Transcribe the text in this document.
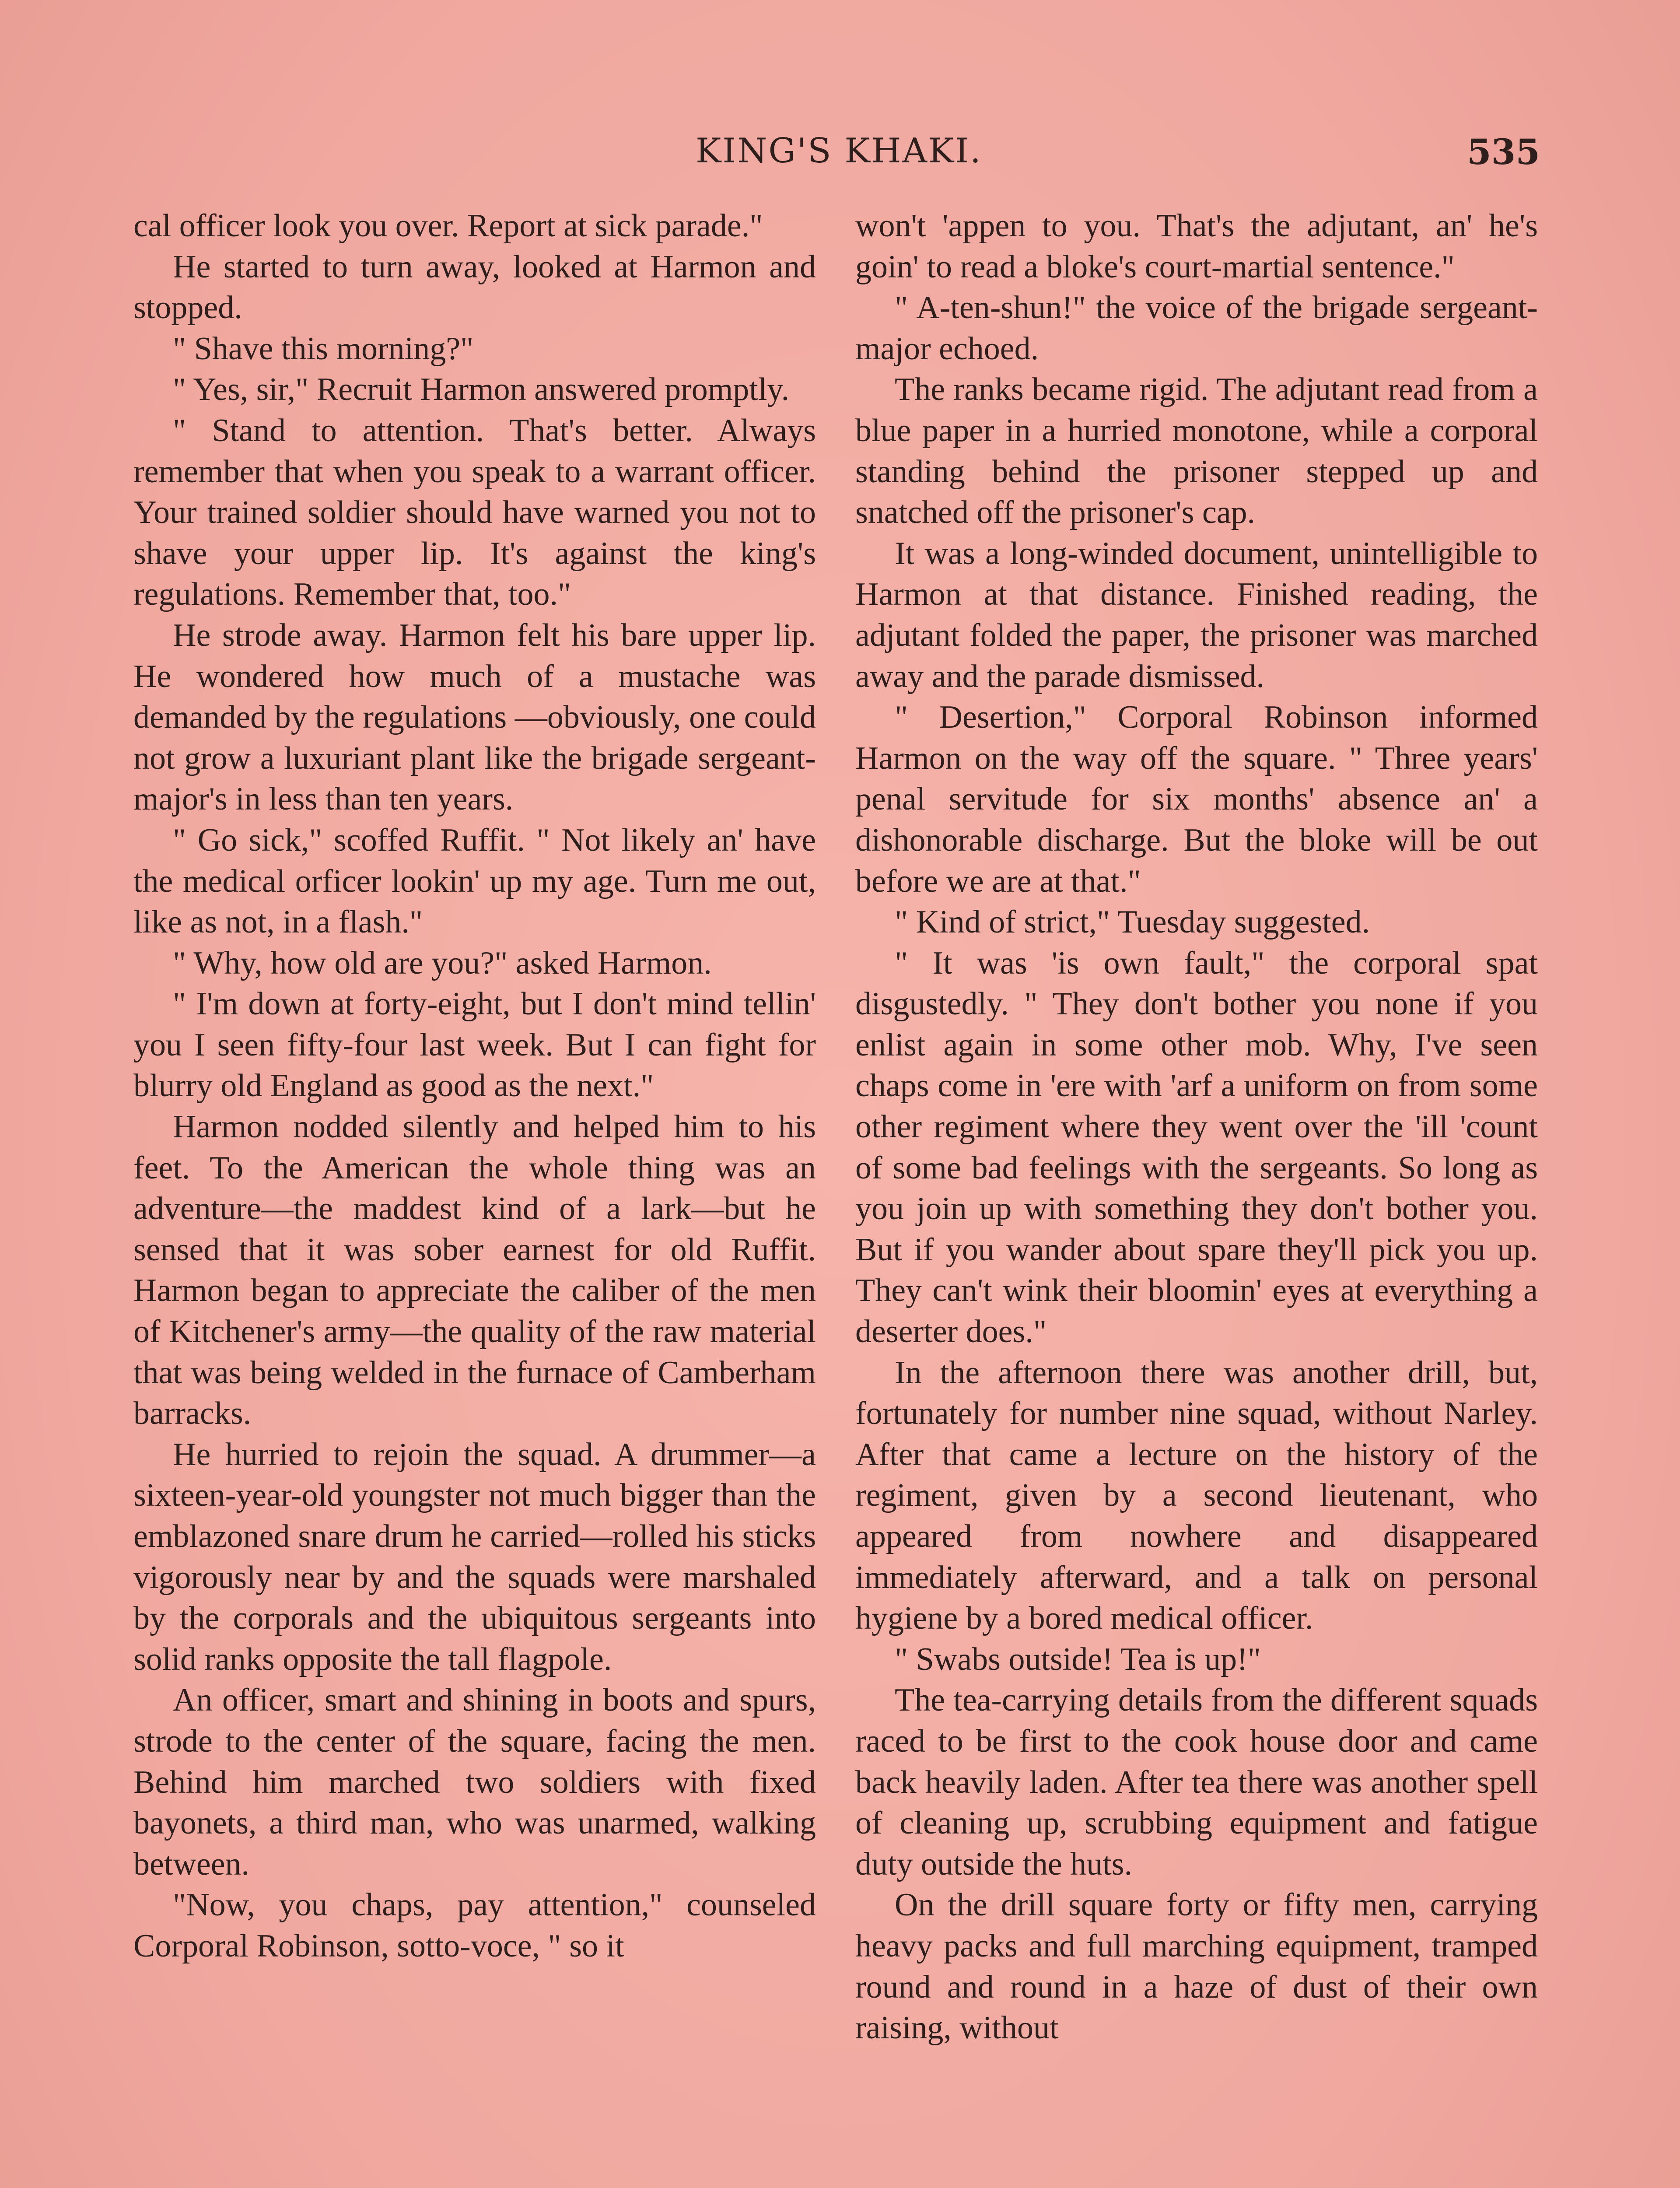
KING'S KHAKI.	535

cal officer look you over. Report at sick parade."

He started to turn away, looked at Harmon and stopped.

" Shave this morning?"

" Yes, sir," Recruit Harmon answered promptly.

" Stand to attention. That's better. Always remember that when you speak to a warrant officer. Your trained soldier should have warned you not to shave your upper lip. It's against the king's regulations. Remember that, too."

He strode away. Harmon felt his bare upper lip. He wondered how much of a mustache was demanded by the regulations —obviously, one could not grow a luxuriant plant like the brigade sergeant-major's in less than ten years.

" Go sick," scoffed Ruffit. " Not likely an' have the medical orficer lookin' up my age. Turn me out, like as not, in a flash."

" Why, how old are you?" asked Harmon.

" I'm down at forty-eight, but I don't mind tellin' you I seen fifty-four last week. But I can fight for blurry old England as good as the next."

Harmon nodded silently and helped him to his feet. To the American the whole thing was an adventure—the maddest kind of a lark—but he sensed that it was sober earnest for old Ruffit. Harmon began to appreciate the caliber of the men of Kitchener's army—the quality of the raw material that was being welded in the furnace of Camberham barracks.

He hurried to rejoin the squad. A drummer—a sixteen-year-old youngster not much bigger than the emblazoned snare drum he carried—rolled his sticks vigorously near by and the squads were marshaled by the corporals and the ubiquitous sergeants into solid ranks opposite the tall flagpole.

An officer, smart and shining in boots and spurs, strode to the center of the square, facing the men. Behind him marched two soldiers with fixed bayonets, a third man, who was unarmed, walking between.

"Now, you chaps, pay attention," counseled Corporal Robinson, sotto-voce, " so it

won't 'appen to you. That's the adjutant, an' he's goin' to read a bloke's court-martial sentence."

" A-ten-shun!" the voice of the brigade sergeant-major echoed.

The ranks became rigid. The adjutant read from a blue paper in a hurried monotone, while a corporal standing behind the prisoner stepped up and snatched off the prisoner's cap.

It was a long-winded document, unintelligible to Harmon at that distance. Finished reading, the adjutant folded the paper, the prisoner was marched away and the parade dismissed.

" Desertion," Corporal Robinson informed Harmon on the way off the square. " Three years' penal servitude for six months' absence an' a dishonorable discharge. But the bloke will be out before we are at that."

" Kind of strict," Tuesday suggested.

" It was 'is own fault," the corporal spat disgustedly. " They don't bother you none if you enlist again in some other mob. Why, I've seen chaps come in 'ere with 'arf a uniform on from some other regiment where they went over the 'ill 'count of some bad feelings with the sergeants. So long as you join up with something they don't bother you. But if you wander about spare they'll pick you up. They can't wink their bloomin' eyes at everything a deserter does."

In the afternoon there was another drill, but, fortunately for number nine squad, without Narley. After that came a lecture on the history of the regiment, given by a second lieutenant, who appeared from nowhere and disappeared immediately afterward, and a talk on personal hygiene by a bored medical officer.

" Swabs outside! Tea is up!"

The tea-carrying details from the different squads raced to be first to the cook house door and came back heavily laden. After tea there was another spell of cleaning up, scrubbing equipment and fatigue duty outside the huts.

On the drill square forty or fifty men, carrying heavy packs and full marching equipment, tramped round and round in a haze of dust of their own raising, without
